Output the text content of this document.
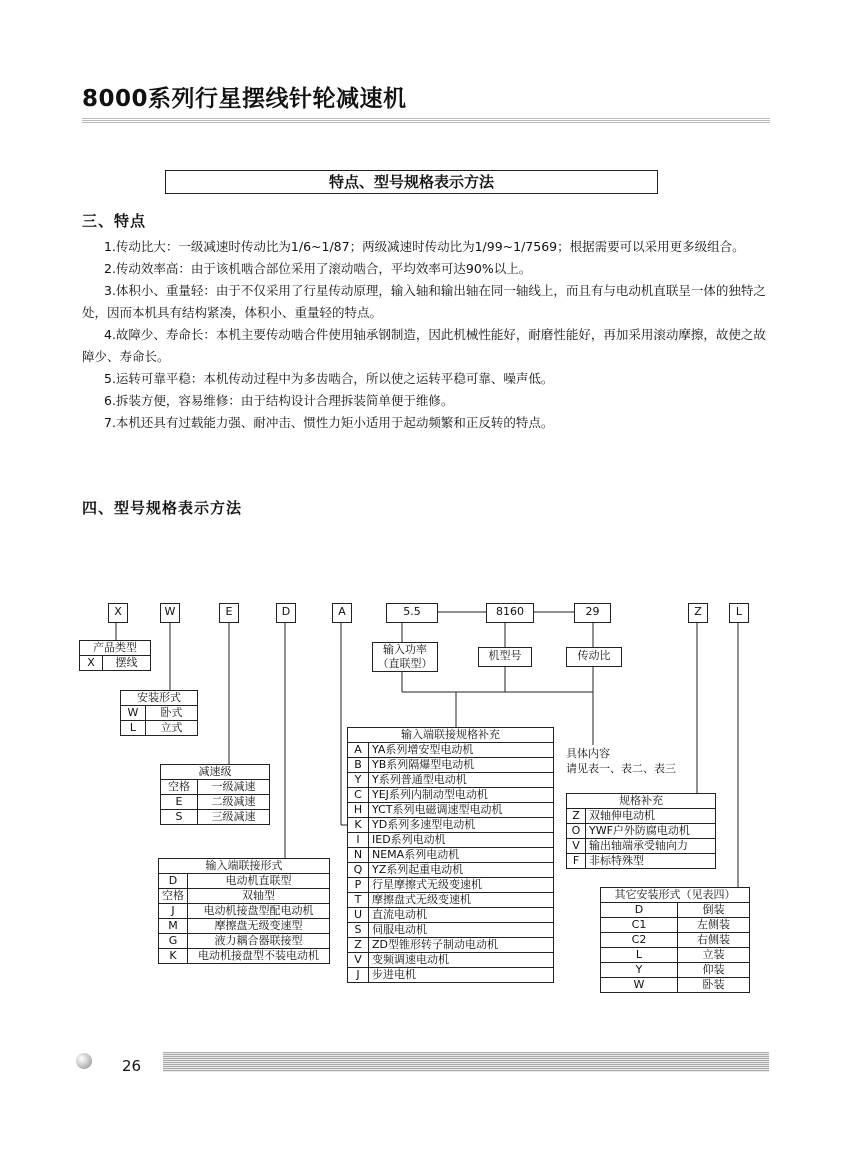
8000系列行星摆线针轮减速机
特点、型号规格表示方法
三、特点

1.传动比大：一级减速时传动比为1/6~1/87；两级减速时传动比为1/99~1/7569；根据需要可以采用更多级组合。

2.传动效率高：由于该机啮合部位采用了滚动啮合，平均效率可达90%以上。

3.体积小、重量轻：由于不仅采用了行星传动原理，输入轴和输出轴在同一轴线上，而且有与电动机直联呈一体的独特之处，因而本机具有结构紧凑，体积小、重量轻的特点。

4.故障少、寿命长：本机主要传动啮合件使用轴承钢制造，因此机械性能好，耐磨性能好，再加采用滚动摩擦，故使之故障少、寿命长。

5.运转可靠平稳：本机传动过程中为多齿啮合，所以使之运转平稳可靠、噪声低。

6.拆装方便，容易维修：由于结构设计合理拆装简单便于维修。

7.本机还具有过载能力强、耐冲击、惯性力矩小适用于起动频繁和正反转的特点。

四、型号规格表示方法
X	W	E	D	A	5.5	8160	29	Z	L
输入功率
（直联型）
机型号	传动比
具体内容
请见表一、表二、表三
产品类型
X	摆线
安装形式	
W	卧式
L	立式
减速级	
空格	一级减速
E	二级减速
S	三级减速
输入端联接形式	
D	电动机直联型
空格	双轴型
J	电动机接盘型配电动机
M	摩擦盘无级变速型
G	液力耦合器联接型
K	电动机接盘型不装电动机
输入端联接规格补充	
A	YA系列增安型电动机
B	YB系列隔爆型电动机
Y	Y系列普通型电动机
C	YEJ系列内制动型电动机
H	YCT系列电磁调速型电动机
K	YD系列多速型电动机
I	IED系列电动机
N	NEMA系列电动机
Q	YZ系列起重电动机
P	行星摩擦式无级变速机
T	摩擦盘式无级变速机
U	直流电动机
S	伺服电动机
Z	ZD型锥形转子制动电动机
V	变频调速电动机
J	步进电机
规格补充	
Z	双轴伸电动机
O	YWF户外防腐电动机
V	输出轴端承受轴向力
F	非标特殊型
其它安装形式（见表四）	
D	倒装
C1	左侧装
C2	右侧装
L	立装
Y	仰装
W	卧装
26
